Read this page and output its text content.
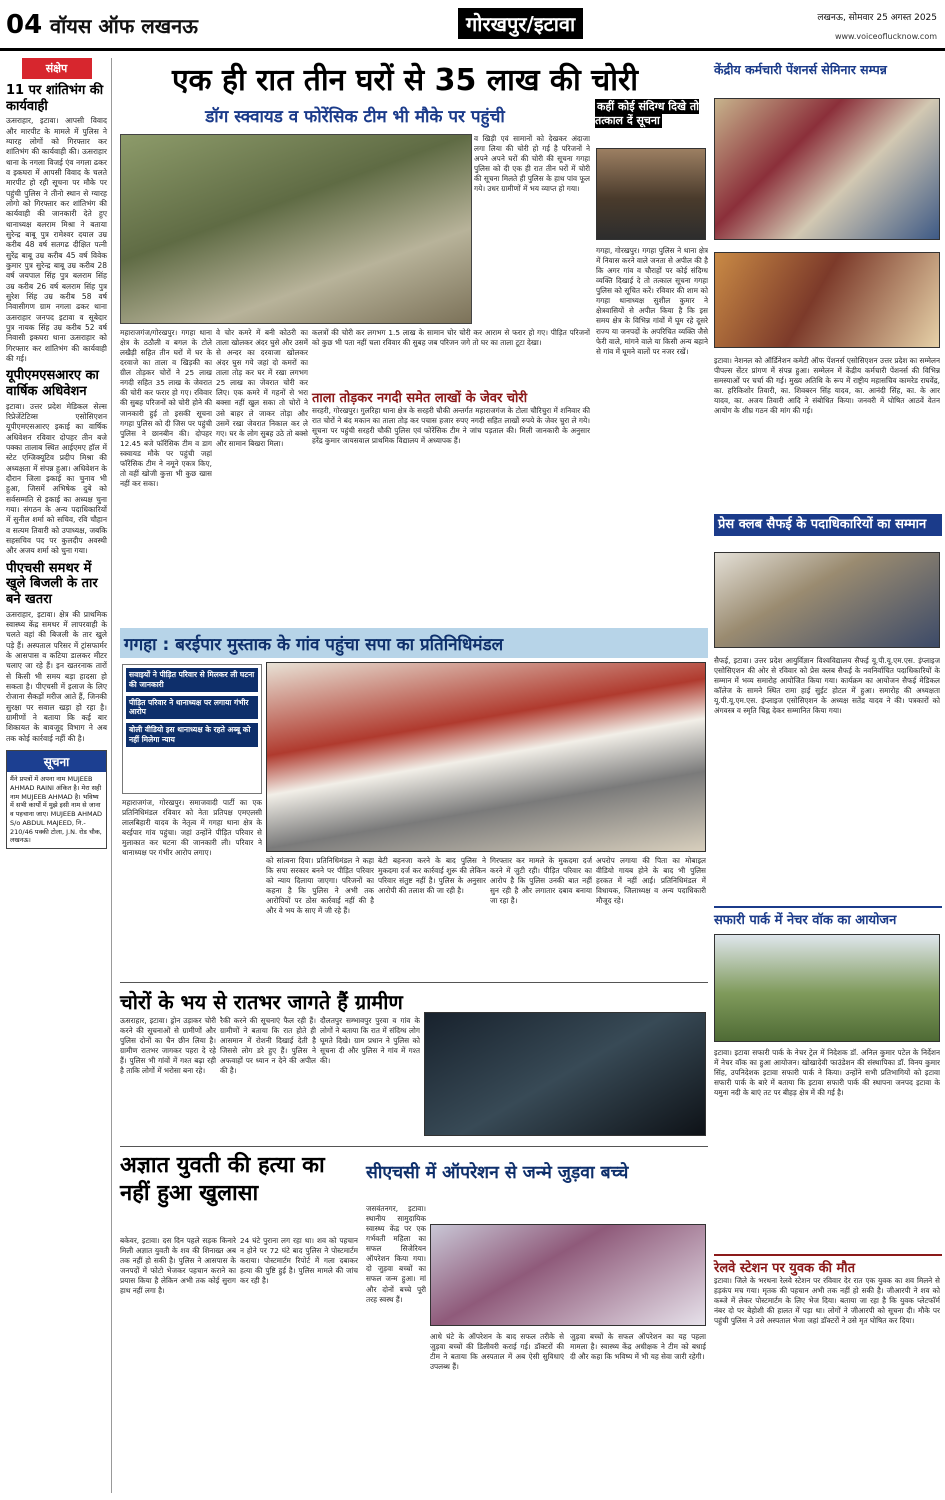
04 वॉयस ऑफ लखनऊ	गोरखपुर/इटावा	लखनऊ, सोमवार 25 अगस्त 2025
www.voiceoflucknow.com
संक्षेप
11 पर शांतिभंग की कार्यवाही
ऊसराहार, इटावा। आपसी विवाद और मारपीट के मामले में पुलिस ने ग्यारह लोगों को गिरफ्तार कर शांतिभंग की कार्यवाही की। ऊसराहार थाना के नगला विजई एंव नगला ढकर व इकघरा में आपसी विवाद के चलते मारपीट हो रही सूचना पर मौके पर पहुंची पुलिस ने तीनो स्थान से ग्यारह लोगो को गिरफ्तार कर शांतिभंग की कार्यवाही की जानकारी देते हुए थानाध्यक्ष बलराम मिश्रा ने बताया सुरेन्द्र बाबू पुत्र रामेश्वर दयाल उम्र करीब 48 वर्ष सतगढ दीक्षित पत्नी सुरेंद्र बाबू उम्र करीब 45 वर्ष विवेक कुमार पुत्र सुरेन्द्र बाबू उम्र करीब 28 वर्ष जयपाल सिंह पुत्र बलराम सिंह उम्र करीब 26 वर्ष बलराम सिंह पुत्र सुरेश सिंह उम्र करीब 58 वर्ष निवासीगण ग्राम नगला ढकर थाना ऊसराहार जनपद इटावा व सूबेदार पुत्र नायक सिंह उम्र करीब 52 वर्ष निवासी इकघरा थाना ऊसराहार को गिरफ्तार कर शांतिभंग की कार्यवाही की गई।
यूपीएमएसआरए का वार्षिक अधिवेशन
इटावा। उत्तर प्रदेश मेडिकल सेल्स रिप्रेजेंटेटिव्स एसोसिएशन यूपीएमएसआरए इकाई का वार्षिक अधिवेशन रविवार दोपहर तीन बजे पक्का तालाब स्थित आईएमए हॉल में स्टेट एग्जिक्यूटिव प्रदीप मिश्रा की अध्यक्षता में संपन्न हुआ। अधिवेशन के दौरान जिला इकाई का चुनाव भी हुआ, जिसमें अभिषेक दुबे को सर्वसम्मति से इकाई का अध्यक्ष चुना गया। संगठन के अन्य पदाधिकारियों में सुनील शर्मा को सचिव, रवि चौहान व सत्यम तिवारी को उपाध्यक्ष, जबकि सहसचिव पद पर कुलदीप अवस्थी और अजय शर्मा को चुना गया।
पीएचसी समथर में खुले बिजली के तार बने खतरा
ऊसराहार, इटावा। क्षेत्र की प्राथमिक स्वास्थ्य केंद्र समथर में लापरवाही के चलते वहां की बिजली के तार खुले पड़े हैं। अस्पताल परिसर में ट्रांसफार्मर के आसपास व कटिया डालकर मीटर चलाए जा रहे हैं। इन खतरनाक तारों से किसी भी समय बड़ा हादसा हो सकता है। पीएचसी में इलाज के लिए रोजाना सैकड़ों मरीज आते हैं, जिनकी सुरक्षा पर सवाल खड़ा हो रहा है। ग्रामीणों ने बताया कि कई बार शिकायत के बावजूद विभाग ने अब तक कोई कार्रवाई नहीं की है।
सूचना
मैंने प्रपत्रों में अपना नाम MUJEEB AHMAD RAINI अंकित है। मेरा सही नाम MUJEEB AHMAD है। भविष्य में सभी कार्यों में मुझे इसी नाम से जाना व पहचाना जाए। MUJEEB AHMAD S/o ABDUL MAJEED, नि.- 210/46 पक्की टोला, J.N. रोड चौक, लखनऊ।
एक ही रात तीन घरों से 35 लाख की चोरी
डॉग स्क्वायड व फोरेंसिक टीम भी मौके पर पहुंची
कहीं कोई संदिग्ध दिखे तो तत्काल दें सूचना
व खिड़ी एवं सामानों को देखकर अंदाजा लगा लिया की चोरी हो गई है परिजनों ने अपने अपने घरों की चोरी की सूचना गगहा पुलिस को दी एक ही रात तीन घरों में चोरी की सूचना मिलते ही पुलिस के हाथ पांव फूल गये। उधर ग्रामीणों में भय व्याप्त हो गया।
गगहा, गोरखपुर। गगहा पुलिस ने थाना क्षेत्र में निवास करने वाले जनता से अपील की है कि अगर गांव व चौराहों पर कोई संदिग्ध व्यक्ति दिखाई दे तो तत्काल सूचना गगहा पुलिस को सूचित करें। रविवार की शाम को गगहा थानाध्यक्ष सुशील कुमार ने क्षेत्रवासियों से अपील किया है कि इस समय क्षेत्र के विभिन्न गांवों में घूम रहे दूसरे राज्य या जनपदों के अपरिचित व्यक्ति जैसे फेरी वाले, मांगने वाले या किसी अन्य बहाने से गांव में घूमने वालों पर नजर रखें।
महाराजगंज/गोरखपुर। गगहा थाना क्षेत्र के ठठौली व बगल के टोले लखैड़ी सहित तीन घरों में घर के दरवाजे का ताला व खिड़की का ग्रील तोड़कर चोरों ने 25 लाख नगदी सहित 35 लाख के जेवरात की चोरी कर फरार हो गए। रविवार की सुबह परिजनों को चोरी होने की जानकारी हुई तो इसकी सूचना गगहा पुलिस को दी जिस पर पहुंची पुलिस ने छानबीन की। दोपहर 12.45 बजे फॉरेंसिक टीम व डाग स्क्वायड मौके पर पहुंची जहां फॉरेंसिक टीम ने नमूने एकत्र किए, तो वहीं खोजी कुत्ता भी कुछ खास नहीं कर सका।
वे चोर कमरे में बनी कोठरी का ताला खोलकर अंदर घुसे और उसमें से अन्दर का दरवाजा खोलकर अंदर घुस गये जहां दो कमरों का ताला तोड़ कर घर में रखा लगभग 25 लाख का जेवरात चोरी कर लिए। एक कमरे में गहनों से भरा बक्सा नहीं खुल सका तो चोरों ने उसे बाहर ले जाकर तोड़ा और उसमें रखा जेवरात निकाल कर ले गए। घर के लोग सुबह उठे तो बक्से और सामान बिखरा मिला।
कलत्रों की चोरी कर लगभग 1.5 लाख के सामान चोर चोरी कर आराम से फरार हो गए। पीड़ित परिजनों को कुछ भी पता नहीं चला रविवार की सुबह जब परिजन जगे तो घर का ताला टूटा देखा।
ताला तोड़कर नगदी समेत लाखों के जेवर चोरी
सरहरी, गोरखपुर। गुलरिहा थाना क्षेत्र के सरहरी चौकी अन्तर्गत महाराजगंज के टोला चौरिचुरा में शनिवार की रात चोरों ने बंद मकान का ताला तोड़ कर पचास हजार रुपए नगदी सहित लाखों रुपये के जेवर चुरा ले गये। सूचना पर पहुंची सरहरी चौकी पुलिस एवं फोरेंसिक टीम ने जांच पड़ताल की। मिली जानकारी के अनुसार हरेंद्र कुमार जायसवाल प्राथमिक विद्यालय में अध्यापक हैं।
केंद्रीय कर्मचारी पेंशनर्स सेमिनार सम्पन्न
इटावा। नेशनल को ऑर्डिनेशन कमेटी ऑफ पेंशनर्स एसोसिएशन उत्तर प्रदेश का सम्मेलन पीपल्स सेंटर प्रांगण में संपन्न हुआ। सम्मेलन में केंद्रीय कर्मचारी पेंशनर्स की विभिन्न समस्याओं पर चर्चा की गई। मुख्य अतिथि के रूप में राष्ट्रीय महासचिव कामरेड राघवेंद्र, का. हरिकिशोर तिवारी, का. शिवबरन सिंह यादव, का. आनंदी सिंह, का. के आर यादव, का. अजय तिवारी आदि ने संबोधित किया। जनवरी में घोषित आठवें वेतन आयोग के शीघ्र गठन की मांग की गई।
प्रेस क्लब सैफई के पदाधिकारियों का सम्मान
सैफई, इटावा। उत्तर प्रदेश आयुर्विज्ञान विश्वविद्यालय सैफई यू.पी.यू.एम.एस. इंप्लाइज एसोसिएशन की ओर से रविवार को प्रेस क्लब सैफई के नवनिर्वाचित पदाधिकारियों के सम्मान में भव्य समारोह आयोजित किया गया। कार्यक्रम का आयोजन सैफई मेडिकल कॉलेज के सामने स्थित रामा हाई सुईट होटल में हुआ। समारोह की अध्यक्षता यू.पी.यू.एम.एस. इंप्लाइज एसोसिएशन के अध्यक्ष सतेंद्र यादव ने की। पत्रकारों को अंगवस्त्र व स्मृति चिह्न देकर सम्मानित किया गया।
सफारी पार्क में नेचर वॉक का आयोजन
इटावा। इटावा सफारी पार्क के नेचर ट्रेल में निदेशक डॉ. अनिल कुमार पटेल के निर्देशन में नेचर वॉक का हुआ आयोजन। खोखादेवी फाउंडेशन की संस्थापिका डॉ. विनय कुमार सिंह, उपनिदेशक इटावा सफारी पार्क ने किया। उन्होंने सभी प्रतिभागियों को इटावा सफारी पार्क के बारे में बताया कि इटावा सफारी पार्क की स्थापना जनपद इटावा के यमुना नदी के बाएं तट पर बीहड़ क्षेत्र में की गई है।
रेलवे स्टेशन पर युवक की मौत
इटावा। जिले के भरथना रेलवे स्टेशन पर रविवार देर रात एक युवक का शव मिलने से हड़कंप मच गया। मृतक की पहचान अभी तक नहीं हो सकी है। जीआरपी ने शव को कब्जे में लेकर पोस्टमार्टम के लिए भेज दिया। बताया जा रहा है कि युवक प्लेटफॉर्म नंबर दो पर बेहोशी की हालत में पड़ा था। लोगों ने जीआरपी को सूचना दी। मौके पर पहुंची पुलिस ने उसे अस्पताल भेजा जहां डॉक्टरों ने उसे मृत घोषित कर दिया।
गगहा : बरईपार मुस्ताक के गांव पहुंचा सपा का प्रतिनिधिमंडल
सवाइयों ने पीड़ित परिवार से मिलकर ली घटना की जानकारी
पीड़ित परिवार ने थानाध्यक्ष पर लगाया गंभीर आरोप
बोली वीडियो इस थानाध्यक्ष के रहते अब्बू को नहीं मिलेगा न्याय
महाराजगंज, गोरखपुर। समाजवादी पार्टी का एक प्रतिनिधिमंडल रविवार को नेता प्रतिपक्ष एमएलसी लालबिहारी यादव के नेतृत्व में गगहा थाना क्षेत्र के बरईपार गांव पहुंचा। जहां उन्होंने पीड़ित परिवार से मुलाकात कर घटना की जानकारी ली। परिवार ने थानाध्यक्ष पर गंभीर आरोप लगाए।
को सांत्वना दिया। प्रतिनिधिमंडल ने कहा कि सपा सरकार बनने पर पीड़ित परिवार को न्याय दिलाया जाएगा। परिजनों का कहना है कि पुलिस ने अभी तक आरोपियों पर ठोस कार्रवाई नहीं की है और वे भय के साए में जी रहे हैं।
बेटी बहनजा करने के बाद पुलिस ने मुकदमा दर्ज कर कार्रवाई शुरू की लेकिन परिवार संतुष्ट नहीं है। पुलिस के अनुसार आरोपी की तलाश की जा रही है।
गिरफ्तार कर मामले के मुकदमा दर्ज करने में जुटी रही। पीड़ित परिवार का आरोप है कि पुलिस उनकी बात नहीं सुन रही है और लगातार दबाव बनाया जा रहा है।
अपरोप लगाया की पिता का मोबाइल वीडियो गायब होने के बाद भी पुलिस हरकत में नहीं आई। प्रतिनिधिमंडल में विधायक, जिलाध्यक्ष व अन्य पदाधिकारी मौजूद रहे।
चोरों के भय से रातभर जागते हैं ग्रामीण
ऊसराहार, इटावा। ड्रोन उड़ाकर चोरी करने की सूचनाओं से ग्रामीणों और पुलिस दोनों का चैन छीन लिया है। ग्रामीण रातभर जागकर पहरा दे रहे हैं। पुलिस भी गांवों में गश्त बढ़ा रही है ताकि लोगों में भरोसा बना रहे।
रैकी करने की सूचनाएं फैल रही हैं। ग्रामीणों ने बताया कि रात होते ही आसमान में रोशनी दिखाई देती है जिससे लोग डरे हुए हैं। पुलिस ने अफवाहों पर ध्यान न देने की अपील की है।
दौलतपुर सम्भावपुर पुरवा व गांव के लोगों ने बताया कि रात में संदिग्ध लोग घूमते दिखे। ग्राम प्रधान ने पुलिस को सूचना दी और पुलिस ने गांव में गश्त की।
अज्ञात युवती की हत्या का नहीं हुआ खुलासा
बकेवर, इटावा। दस दिन पहले सड़क किनारे मिली अज्ञात युवती के शव की शिनाख्त अब तक नहीं हो सकी है। पुलिस ने आसपास के जनपदों में फोटो भेजकर पहचान कराने का प्रयास किया है लेकिन अभी तक कोई सुराग हाथ नहीं लगा है।
24 घंटे पुराना लग रहा था। शव को पहचान न होने पर 72 घंटे बाद पुलिस ने पोस्टमार्टम कराया। पोस्टमार्टम रिपोर्ट में गला दबाकर हत्या की पुष्टि हुई है। पुलिस मामले की जांच कर रही है।
सीएचसी में ऑपरेशन से जन्मे जुड़वा बच्चे
जसवंतनगर, इटावा। स्थानीय सामुदायिक स्वास्थ्य केंद्र पर एक गर्भवती महिला का सफल सिजेरियन ऑपरेशन किया गया। दो जुड़वा बच्चों का सफल जन्म हुआ। मां और दोनों बच्चे पूरी तरह स्वस्थ हैं।
आधे घंटे के ऑपरेशन के बाद सफल तरीके से जुड़वा बच्चों की डिलीवरी कराई गई। डॉक्टरों की टीम ने बताया कि अस्पताल में अब ऐसी सुविधाएं उपलब्ध हैं।
जुड़वा बच्चों के सफल ऑपरेशन का यह पहला मामला है। स्वास्थ्य केंद्र अधीक्षक ने टीम को बधाई दी और कहा कि भविष्य में भी यह सेवा जारी रहेगी।
